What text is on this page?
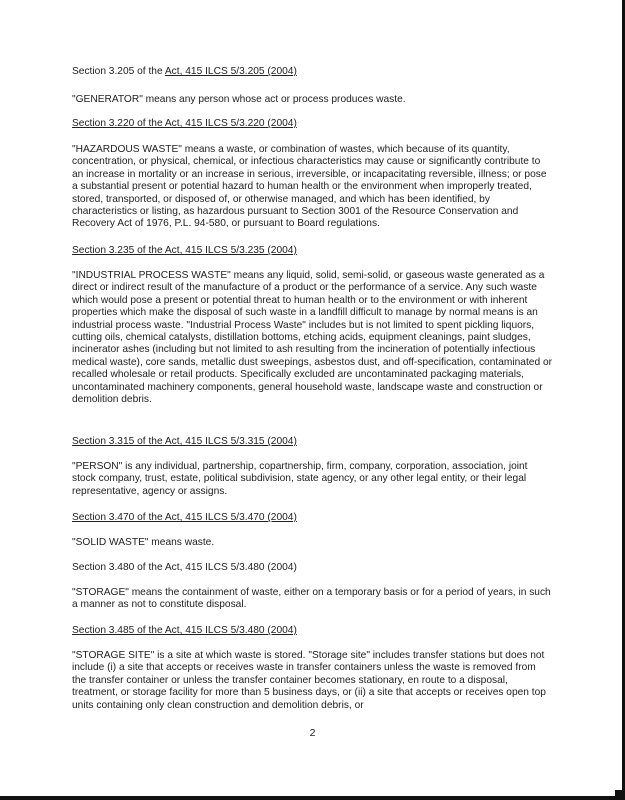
Section 3.205 of the Act, 415 ILCS 5/3.205 (2004)

"GENERATOR" means any person whose act or process produces waste.

Section 3.220 of the Act, 415 ILCS 5/3.220 (2004)

"HAZARDOUS WASTE" means a waste, or combination of wastes, which because of its quantity, concentration, or physical, chemical, or infectious characteristics may cause or significantly contribute to an increase in mortality or an increase in serious, irreversible, or incapacitating reversible, illness; or pose a substantial present or potential hazard to human health or the environment when improperly treated, stored, transported, or disposed of, or otherwise managed, and which has been identified, by characteristics or listing, as hazardous pursuant to Section 3001 of the Resource Conservation and Recovery Act of 1976, P.L. 94-580, or pursuant to Board regulations.

Section 3.235 of the Act, 415 ILCS 5/3.235 (2004)

"INDUSTRIAL PROCESS WASTE" means any liquid, solid, semi-solid, or gaseous waste generated as a direct or indirect result of the manufacture of a product or the performance of a service. Any such waste which would pose a present or potential threat to human health or to the environment or with inherent properties which make the disposal of such waste in a landfill difficult to manage by normal means is an industrial process waste. "Industrial Process Waste" includes but is not limited to spent pickling liquors, cutting oils, chemical catalysts, distillation bottoms, etching acids, equipment cleanings, paint sludges, incinerator ashes (including but not limited to ash resulting from the incineration of potentially infectious medical waste), core sands, metallic dust sweepings, asbestos dust, and off-specification, contaminated or recalled wholesale or retail products. Specifically excluded are uncontaminated packaging materials, uncontaminated machinery components, general household waste, landscape waste and construction or demolition debris.

Section 3.315 of the Act, 415 ILCS 5/3.315 (2004)

"PERSON" is any individual, partnership, copartnership, firm, company, corporation, association, joint stock company, trust, estate, political subdivision, state agency, or any other legal entity, or their legal representative, agency or assigns.

Section 3.470 of the Act, 415 ILCS 5/3.470 (2004)

"SOLID WASTE" means waste.

Section 3.480 of the Act, 415 ILCS 5/3.480 (2004)

"STORAGE" means the containment of waste, either on a temporary basis or for a period of years, in such a manner as not to constitute disposal.

Section 3.485 of the Act, 415 ILCS 5/3.480 (2004)

"STORAGE SITE" is a site at which waste is stored. "Storage site" includes transfer stations but does not include (i) a site that accepts or receives waste in transfer containers unless the waste is removed from the transfer container or unless the transfer container becomes stationary, en route to a disposal, treatment, or storage facility for more than 5 business days, or (ii) a site that accepts or receives open top units containing only clean construction and demolition debris, or

2
